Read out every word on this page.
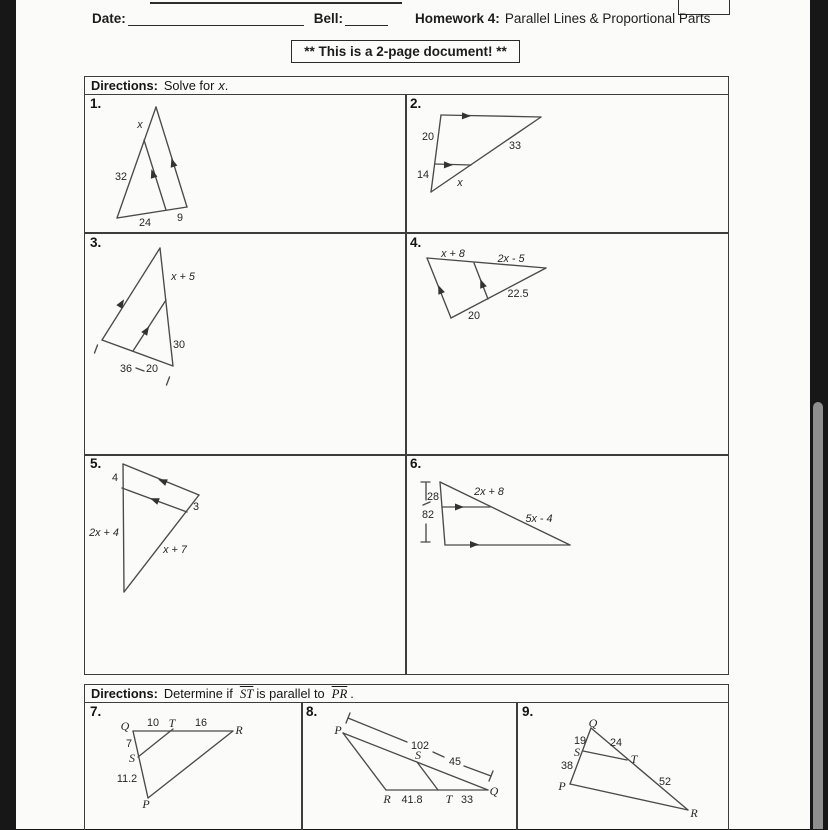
Date:	Bell:	Homework 4: Parallel Lines & Proportional Parts
** This is a 2-page document! **
Directions: Solve for x.
Directions: Determine if $\overline{ST}$ is parallel to $\overline{PR}$ .
1.	2.
3.	4.
5.	6.
7.	8.	9.
x
32
24 9
20
14
33
x
x + 5
30
36 20
x + 8	2x - 5
22.5
20
4
3
2x + 4
x + 7
28
82
2x + 8
5x - 4
Q 10 T 16 R
7
S
11.2
P
P
102
S	45
Q
R 41.8 T 33
Q
19 24
S	T
38
P	52
R
